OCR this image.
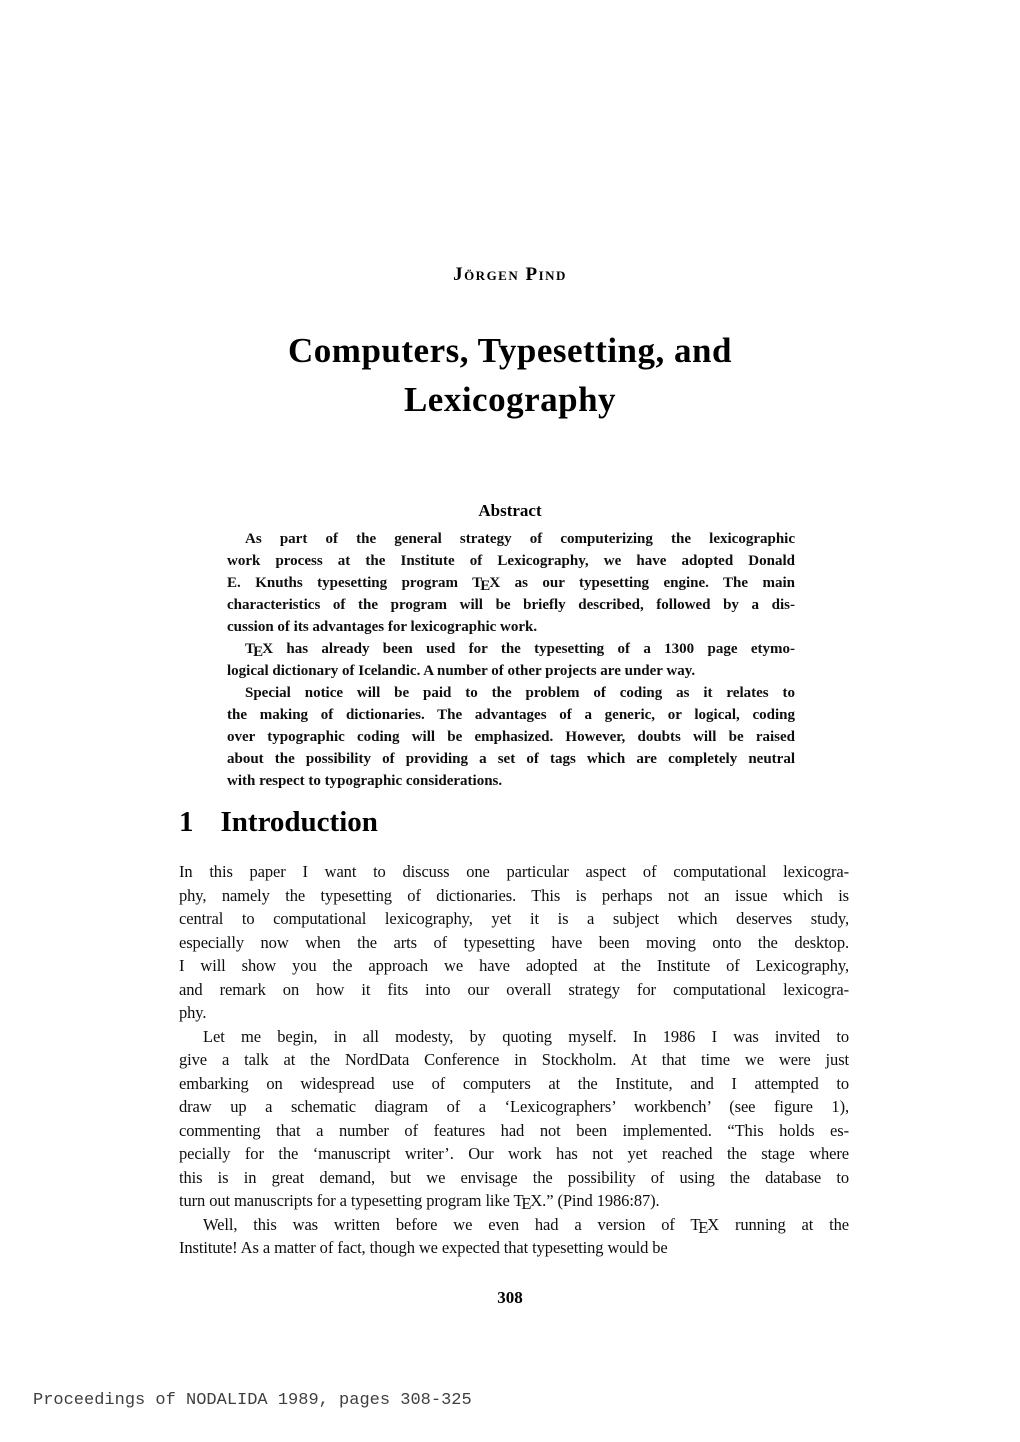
Jörgen Pind
Computers, Typesetting, and
Lexicography
Abstract
As part of the general strategy of computerizing the lexicographic
work process at the Institute of Lexicography, we have adopted Donald
E. Knuths typesetting program TEX as our typesetting engine. The main
characteristics of the program will be briefly described, followed by a dis-
cussion of its advantages for lexicographic work.
TEX has already been used for the typesetting of a 1300 page etymo-
logical dictionary of Icelandic. A number of other projects are under way.
Special notice will be paid to the problem of coding as it relates to
the making of dictionaries. The advantages of a generic, or logical, coding
over typographic coding will be emphasized. However, doubts will be raised
about the possibility of providing a set of tags which are completely neutral
with respect to typographic considerations.
1 Introduction
In this paper I want to discuss one particular aspect of computational lexicogra-
phy, namely the typesetting of dictionaries. This is perhaps not an issue which is
central to computational lexicography, yet it is a subject which deserves study,
especially now when the arts of typesetting have been moving onto the desktop.
I will show you the approach we have adopted at the Institute of Lexicography,
and remark on how it fits into our overall strategy for computational lexicogra-
phy.
Let me begin, in all modesty, by quoting myself. In 1986 I was invited to
give a talk at the NordData Conference in Stockholm. At that time we were just
embarking on widespread use of computers at the Institute, and I attempted to
draw up a schematic diagram of a ‘Lexicographers’ workbench’ (see figure 1),
commenting that a number of features had not been implemented. “This holds es-
pecially for the ‘manuscript writer’. Our work has not yet reached the stage where
this is in great demand, but we envisage the possibility of using the database to
turn out manuscripts for a typesetting program like TEX.” (Pind 1986:87).
Well, this was written before we even had a version of TEX running at the
Institute! As a matter of fact, though we expected that typesetting would be
308
Proceedings of NODALIDA 1989, pages 308-325
